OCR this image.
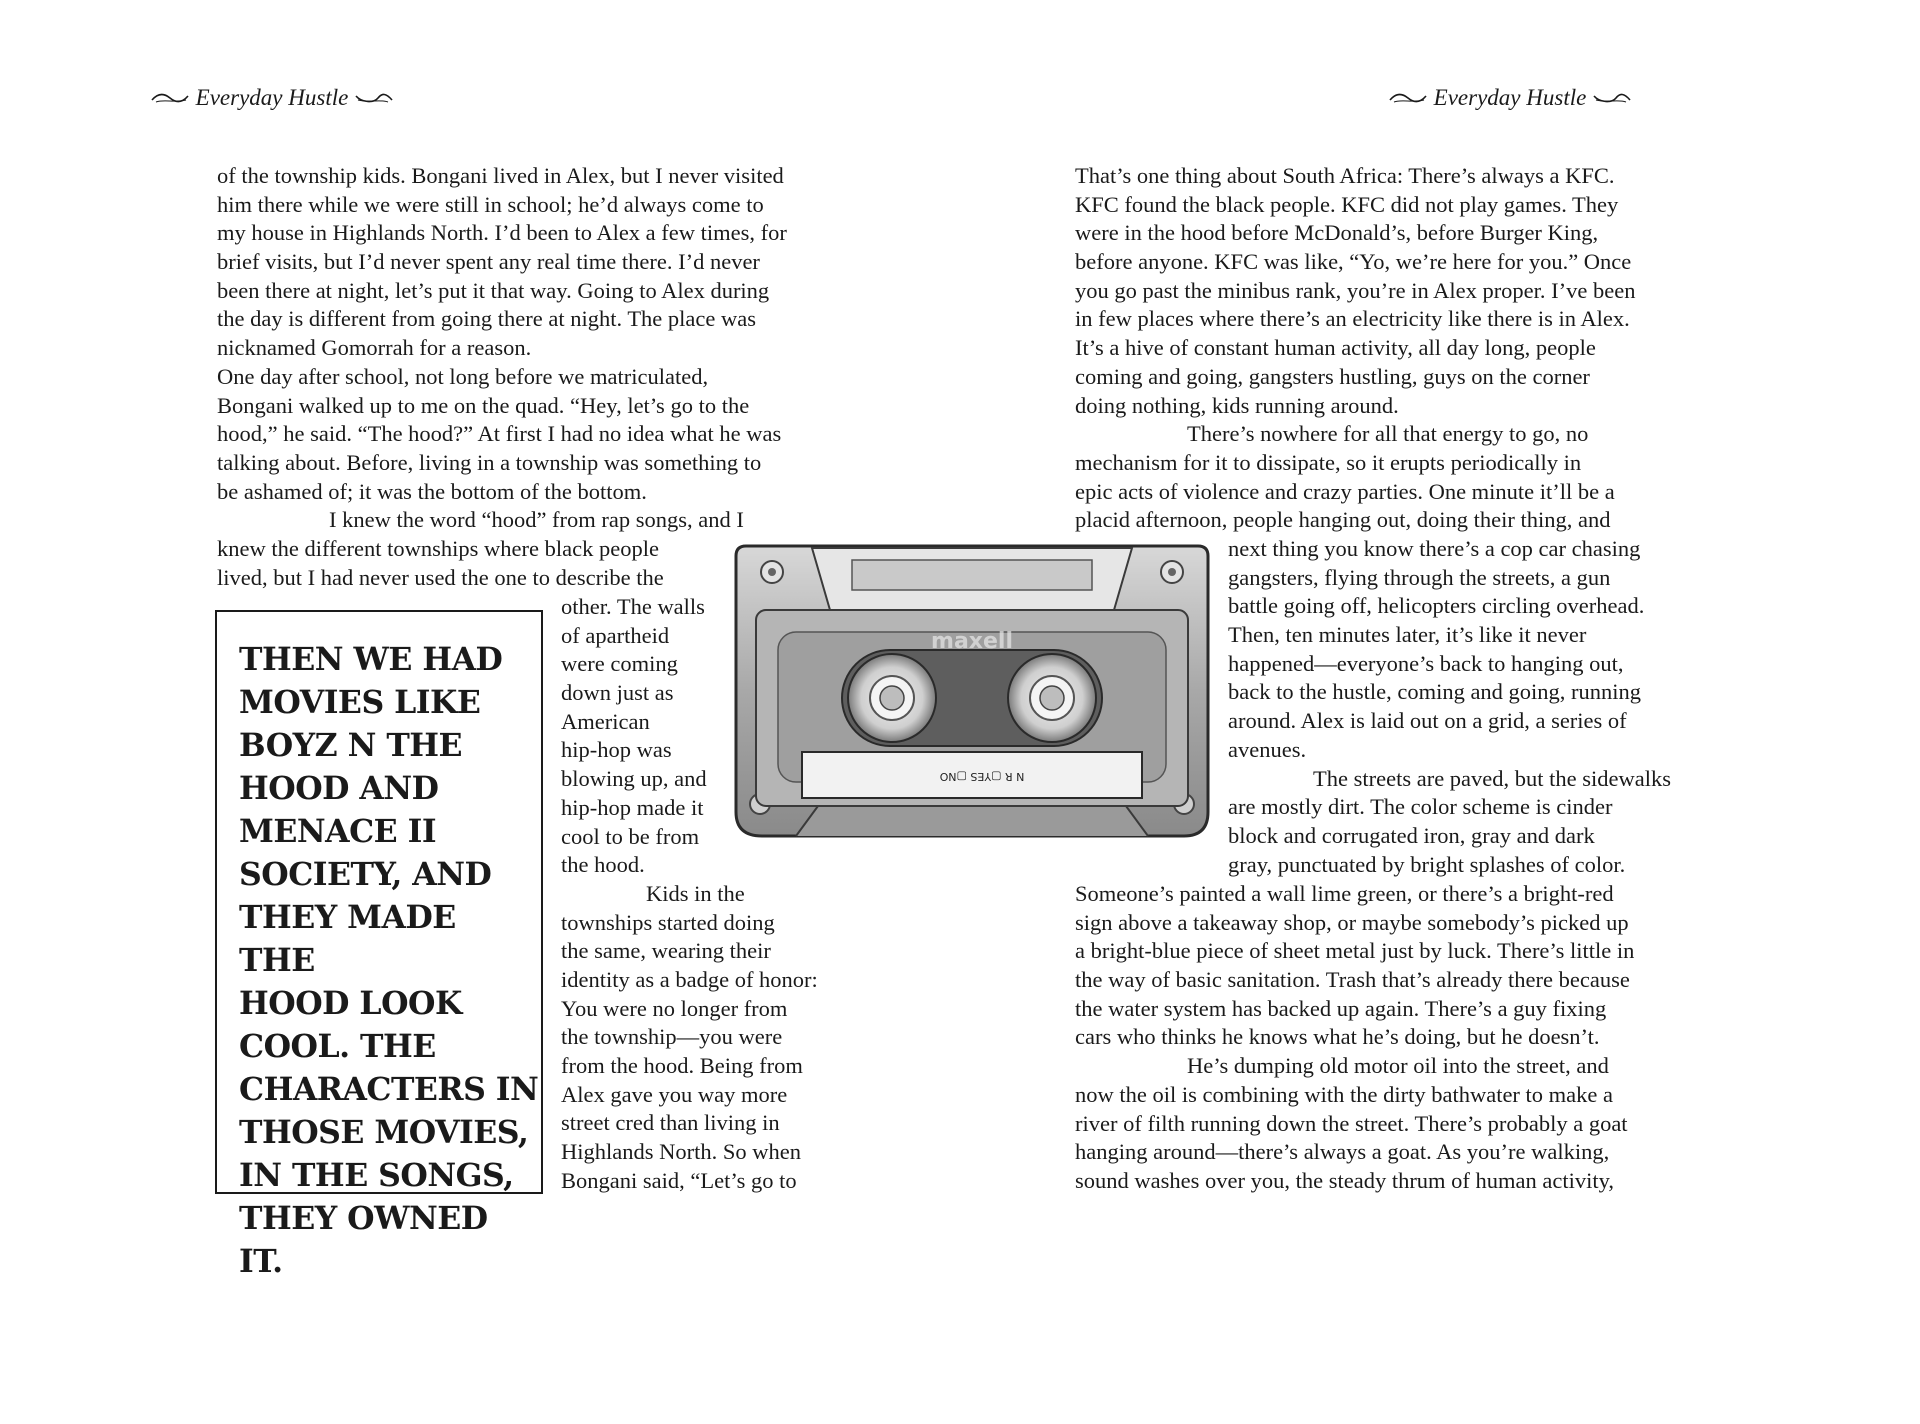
Everyday Hustle
of the township kids. Bongani lived in Alex, but I never visited
him there while we were still in school; he’d always come to
my house in Highlands North. I’d been to Alex a few times, for
brief visits, but I’d never spent any real time there. I’d never
been there at night, let’s put it that way. Going to Alex during
the day is different from going there at night. The place was
nicknamed Gomorrah for a reason.
One day after school, not long before we matriculated,
Bongani walked up to me on the quad. “Hey, let’s go to the
hood,” he said. “The hood?” At first I had no idea what he was
talking about. Before, living in a township was something to
be ashamed of; it was the bottom of the bottom.
I knew the word “hood” from rap songs, and I
knew the different townships where black people
lived, but I had never used the one to describe the
other. The walls
of apartheid
were coming
down just as
American
hip-hop was
blowing up, and
hip-hop made it
cool to be from
the hood.
Kids in the
townships started doing
the same, wearing their
identity as a badge of honor:
You were no longer from
the township—you were
from the hood. Being from
Alex gave you way more
street cred than living in
Highlands North. So when
Bongani said, “Let’s go to

THEN WE HAD
MOVIES LIKE
BOYZ N THE
HOOD AND
MENACE II
SOCIETY, AND
THEY MADE THE
HOOD LOOK
COOL. THE
CHARACTERS IN
THOSE MOVIES,
IN THE SONGS,
THEY OWNED IT.

maxell
N R ▢YES ▢NO
Everyday Hustle
That’s one thing about South Africa: There’s always a KFC.
KFC found the black people. KFC did not play games. They
were in the hood before McDonald’s, before Burger King,
before anyone. KFC was like, “Yo, we’re here for you.” Once
you go past the minibus rank, you’re in Alex proper. I’ve been
in few places where there’s an electricity like there is in Alex.
It’s a hive of constant human activity, all day long, people
coming and going, gangsters hustling, guys on the corner
doing nothing, kids running around.
There’s nowhere for all that energy to go, no
mechanism for it to dissipate, so it erupts periodically in
epic acts of violence and crazy parties. One minute it’ll be a
placid afternoon, people hanging out, doing their thing, and
next thing you know there’s a cop car chasing
gangsters, flying through the streets, a gun
battle going off, helicopters circling overhead.
Then, ten minutes later, it’s like it never
happened—everyone’s back to hanging out,
back to the hustle, coming and going, running
around. Alex is laid out on a grid, a series of
avenues.
The streets are paved, but the sidewalks
are mostly dirt. The color scheme is cinder
block and corrugated iron, gray and dark
gray, punctuated by bright splashes of color.
Someone’s painted a wall lime green, or there’s a bright-red
sign above a takeaway shop, or maybe somebody’s picked up
a bright-blue piece of sheet metal just by luck. There’s little in
the way of basic sanitation. Trash that’s already there because
the water system has backed up again. There’s a guy fixing
cars who thinks he knows what he’s doing, but he doesn’t.
He’s dumping old motor oil into the street, and
now the oil is combining with the dirty bathwater to make a
river of filth running down the street. There’s probably a goat
hanging around—there’s always a goat. As you’re walking,
sound washes over you, the steady thrum of human activity,
